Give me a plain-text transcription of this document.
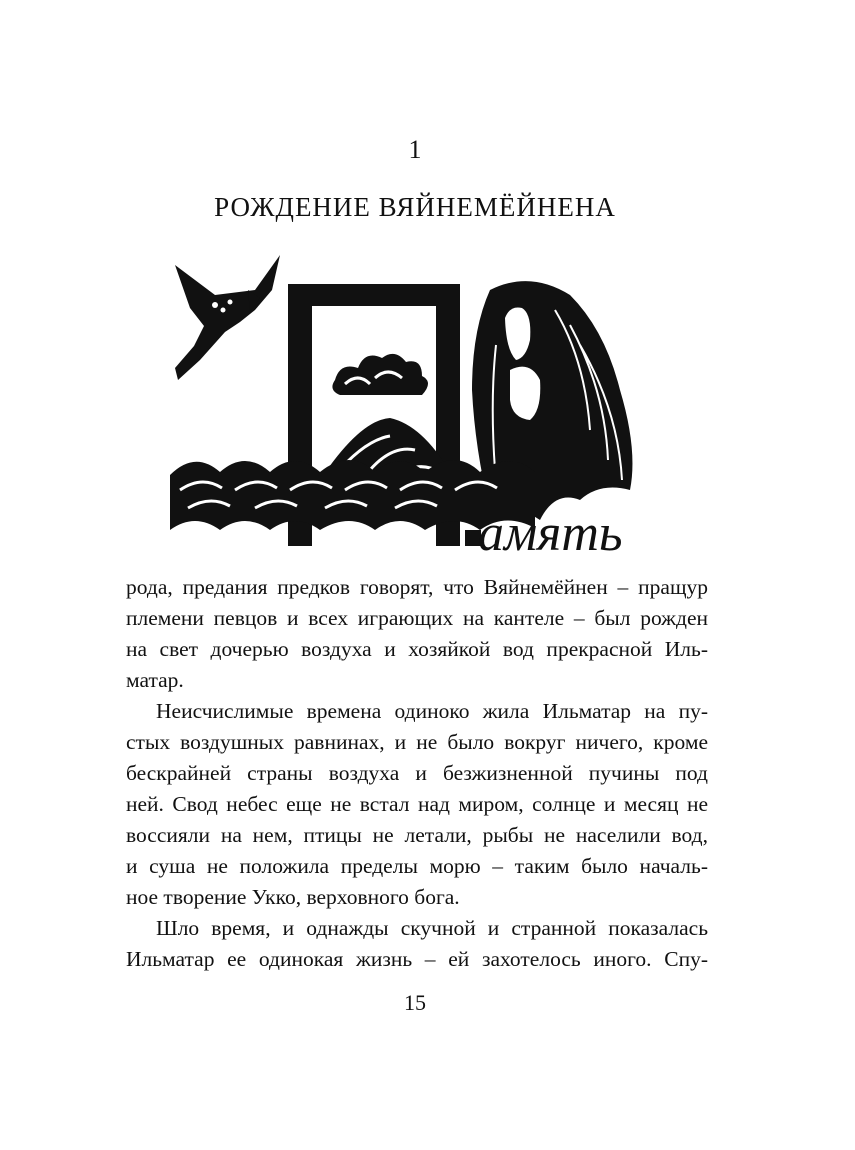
1
РОЖДЕНИЕ ВЯЙНЕМЁЙНЕНА
амять
рода, предания предков говорят, что Вяйнемёйнен – пращур
племени певцов и всех играющих на кантеле – был рожден
на свет дочерью воздуха и хозяйкой вод прекрасной Иль-
матар.
Неисчислимые времена одиноко жила Ильматар на пу-
стых воздушных равнинах, и не было вокруг ничего, кроме
бескрайней страны воздуха и безжизненной пучины под
ней. Свод небес еще не встал над миром, солнце и месяц не
воссияли на нем, птицы не летали, рыбы не населили вод,
и суша не положила пределы морю – таким было началь-
ное творение Укко, верховного бога.
Шло время, и однажды скучной и странной показалась
Ильматар ее одинокая жизнь – ей захотелось иного. Спу-
15
